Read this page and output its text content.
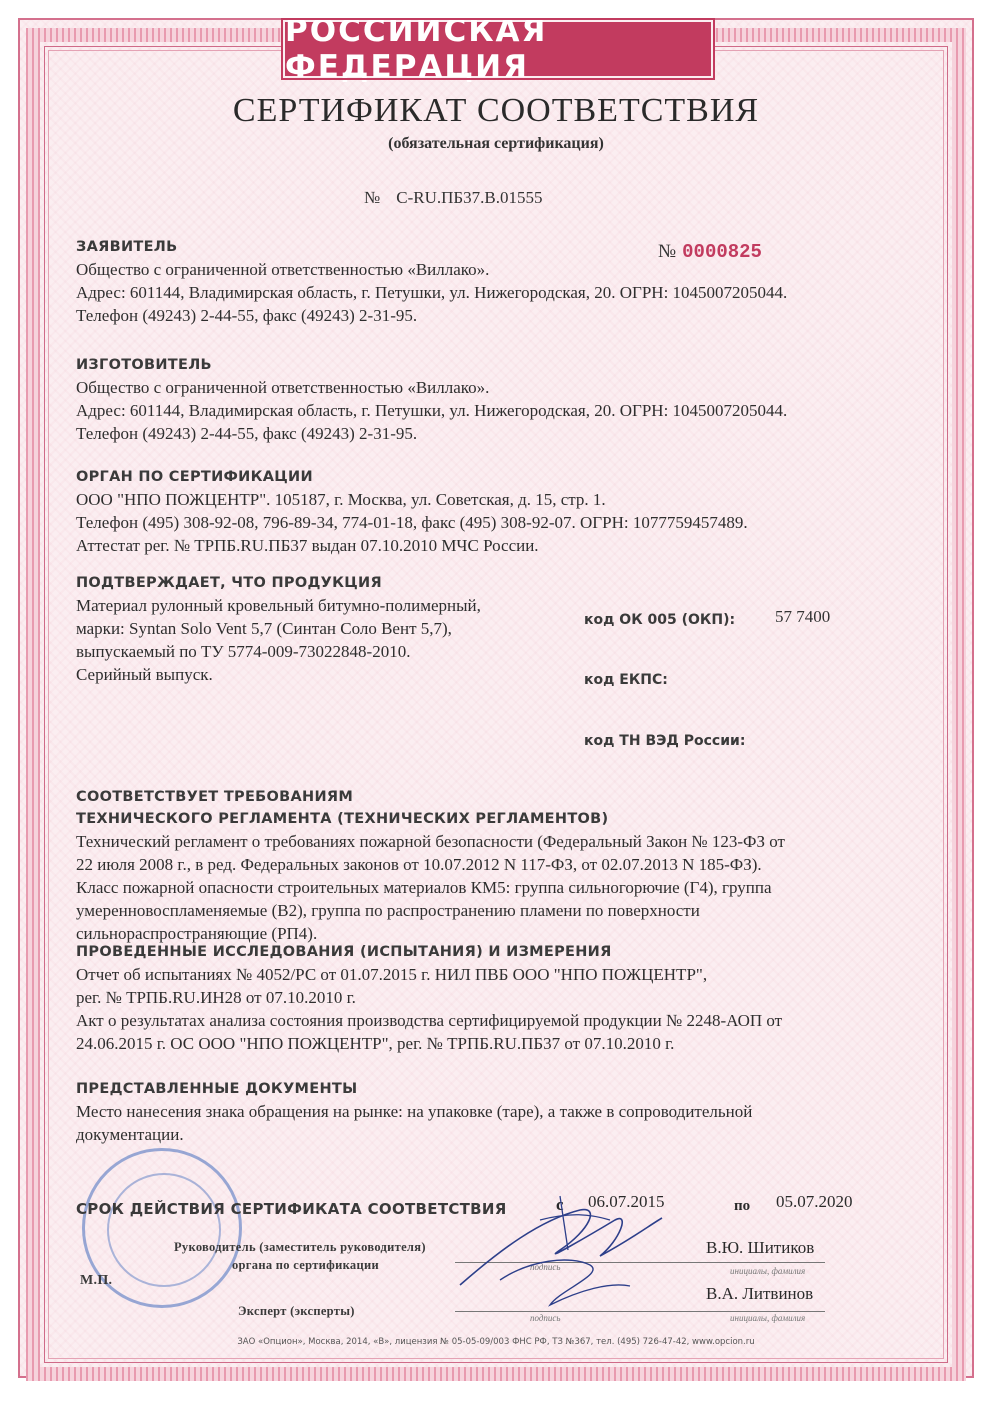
РОССИЙСКАЯ ФЕДЕРАЦИЯ
СЕРТИФИКАТ СООТВЕТСТВИЯ
(обязательная сертификация)
№ C-RU.ПБ37.В.01555
№ 0000825
ЗАЯВИТЕЛЬ
Общество с ограниченной ответственностью «Виллако».
Адрес: 601144, Владимирская область, г. Петушки, ул. Нижегородская, 20. ОГРН: 1045007205044.
Телефон (49243) 2-44-55, факс (49243) 2-31-95.
ИЗГОТОВИТЕЛЬ
Общество с ограниченной ответственностью «Виллако».
Адрес: 601144, Владимирская область, г. Петушки, ул. Нижегородская, 20. ОГРН: 1045007205044.
Телефон (49243) 2-44-55, факс (49243) 2-31-95.
ОРГАН ПО СЕРТИФИКАЦИИ
ООО "НПО ПОЖЦЕНТР". 105187, г. Москва, ул. Советская, д. 15, стр. 1.
Телефон (495) 308-92-08, 796-89-34, 774-01-18, факс (495) 308-92-07. ОГРН: 1077759457489.
Аттестат рег. № ТРПБ.RU.ПБ37 выдан 07.10.2010 МЧС России.
ПОДТВЕРЖДАЕТ, ЧТО ПРОДУКЦИЯ
Материал рулонный кровельный битумно-полимерный,
марки: Syntan Solo Vent 5,7 (Синтан Соло Вент 5,7),
выпускаемый по ТУ 5774-009-73022848-2010.
Серийный выпуск.
код ОК 005 (ОКП): 57 7400
код ЕКПС:
код ТН ВЭД России:
СООТВЕТСТВУЕТ ТРЕБОВАНИЯМ
ТЕХНИЧЕСКОГО РЕГЛАМЕНТА (ТЕХНИЧЕСКИХ РЕГЛАМЕНТОВ)
Технический регламент о требованиях пожарной безопасности (Федеральный Закон № 123-ФЗ от
22 июля 2008 г., в ред. Федеральных законов от 10.07.2012 N 117-ФЗ, от 02.07.2013 N 185-ФЗ).
Класс пожарной опасности строительных материалов КМ5: группа сильногорючие (Г4), группа
умеренновоспламеняемые (В2), группа по распространению пламени по поверхности
сильнораспространяющие (РП4).
ПРОВЕДЕННЫЕ ИССЛЕДОВАНИЯ (ИСПЫТАНИЯ) И ИЗМЕРЕНИЯ
Отчет об испытаниях № 4052/РС от 01.07.2015 г. НИЛ ПВБ ООО "НПО ПОЖЦЕНТР",
рег. № ТРПБ.RU.ИН28 от 07.10.2010 г.
Акт о результатах анализа состояния производства сертифицируемой продукции № 2248-АОП от
24.06.2015 г. ОС ООО "НПО ПОЖЦЕНТР", рег. № ТРПБ.RU.ПБ37 от 07.10.2010 г.
ПРЕДСТАВЛЕННЫЕ ДОКУМЕНТЫ
Место нанесения знака обращения на рынке: на упаковке (таре), а также в сопроводительной
документации.
СРОК ДЕЙСТВИЯ СЕРТИФИКАТА СООТВЕТСТВИЯ	с 06.07.2015	по 05.07.2020
Руководитель (заместитель руководителя)
органа по сертификации
М.П.
Эксперт (эксперты)
В.Ю. Шитиков
инициалы, фамилия
В.А. Литвинов
инициалы, фамилия
подпись
подпись
ЗАО «Опцион», Москва, 2014, «В», лицензия № 05-05-09/003 ФНС РФ, ТЗ №367, тел. (495) 726-47-42, www.opcion.ru
